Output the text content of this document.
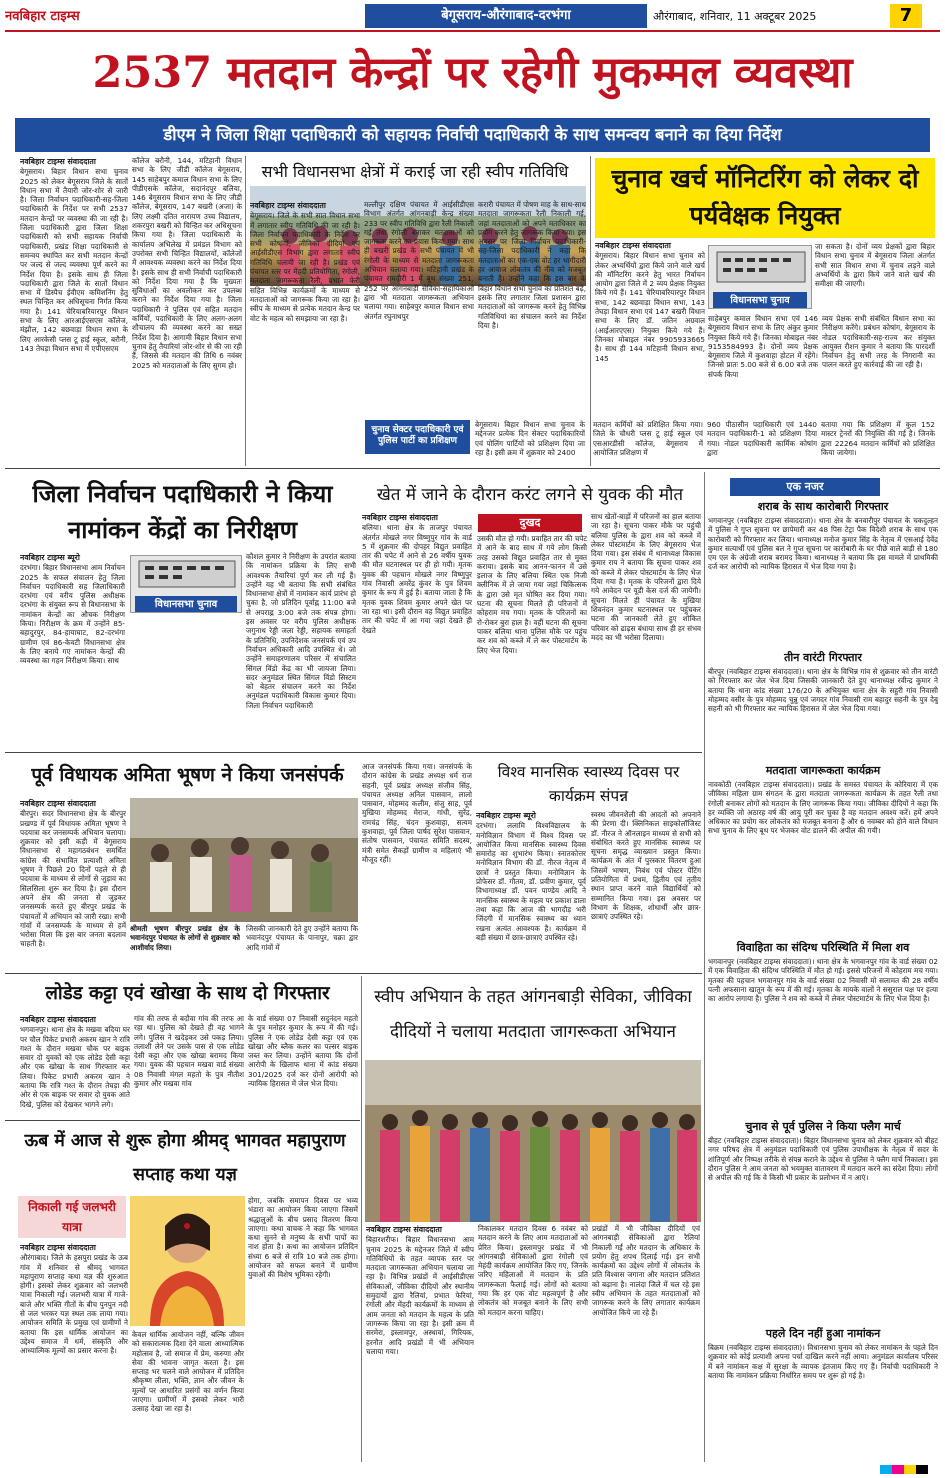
नवबिहार टाइम्स	बेगूसराय-औरंगाबाद-दरभंगा	औरंगाबाद, शनिवार, 11 अक्टूबर 2025	7
2537 मतदान केन्द्रों पर रहेगी मुकम्मल व्यवस्था
डीएम ने जिला शिक्षा पदाधिकारी को सहायक निर्वाची पदाधिकारी के साथ समन्वय बनाने का दिया निर्देश
नवबिहार टाइम्स संवाददाता

बेगूसराय। बिहार विधान सभा चुनाव 2025 को लेकर बेगूसराय जिले के सातों विधान सभा में तैयारी जोर-शोर से जारी है। जिला निर्वाचन पदाधिकारी-सह-जिला पदाधिकारी के निर्देश पर सभी 2537 मतदान केन्द्रों पर व्यवस्था की जा रही है। जिला पदाधिकारी द्वारा जिला शिक्षा पदाधिकारी को सभी सहायक निर्वाची पदाधिकारी, प्रखंड शिक्षा पदाधिकारी से समन्वय स्थापित कर सभी मतदान केन्द्रों पर जल्द से जल्द व्यवस्था पूर्ण करने का निर्देश दिया है। इसके साथ ही जिला पदाधिकारी द्वारा जिले के सातों विधान सभा में डिस्पैच ईवीएम कमिशनिंग हेतु स्थल चिन्हित कर अधिसूचना निर्गत किया गया है। 141 चेरियाबरियारपुर विधान सभा के लिए आरआईएसएस कॉलेज, मंझौल, 142 बछवाड़ा विधान सभा के लिए आरकेसी प्लस टू हाई स्कूल, बरौनी, 143 तेघड़ा विधान सभा में एपीएसएम

कॉलेज बरौनी, 144, मटिहानी विधान सभा के लिए जीडी कॉलेज बेगूसराय, 145 साहेबपुर कमाल विधान सभा के लिए पीडीएसके कॉलेज, सदानंदपुर बलिया, 146 बेगूसराय विधान सभा के लिए जीडी कॉलेज, बेगूसराय, 147 बखरी (अजा) के लिए लक्ष्मी दतित नारायण उच्च विद्यालय, शकरपुरा बखरी को चिन्हित कर अधिसूचना किया गया है। जिला पदाधिकारी के कार्यालय अभिलेख में प्रमंडल विभाग को उपरोक्त सभी चिन्हित विद्यालयों, कॉलेजों में आवश्यक व्यवस्था करने का निर्देश दिया है। इसके साथ ही सभी निर्वाची पदाधिकारी को निर्देश दिया गया है कि मुख्यतः सुविधाओं का अवलोकन कर उपलब्ध कराने का निर्देश दिया गया है। जिला पदाधिकारी ने पुलिस एवं सहित मतदान कर्मियों, पदाधिकारी के लिए अलग-अलग शौचालय की व्यवस्था करने का सख्त निर्देश दिया है। आगामी बिहार विधान सभा चुनाव हेतु तैयारियां जोर-शोर से की जा रही हैं, जिससे की मतदान की तिथि 6 नवंबर 2025 को मतदाताओं के लिए सुगम हो।

सभी विधानसभा क्षेत्रों में कराई जा रही स्वीप गतिविधि
नवबिहार टाइम्स संवाददाता

बेगूसराय। जिले के सभी सात विधान सभा में लगातार स्वीप गतिविधि की जा रही है। जिला निर्वाचन पदाधिकारी के निर्देश पर सभी कोषांगों, जीविका दीदियों एवं आईसीडीएस विभाग द्वारा लगातार स्वीप गतिविधि चलायी जा रही है। प्रखंड एवं पंचायत स्तर पर मेंहदी प्रतियोगिता, रंगोली, मतदाता जागरूकता रैली, प्रभात फेरी सहित विभिन्न कार्यक्रमों के माध्यम से मतदाताओं को जागरूक किया जा रहा है। स्वीप के माध्यम से प्रत्येक मतदान केन्द्र पर वोट के महत्व को समझाया जा रहा है।

मल्लीपुर दक्षिण पंचायत में आईसीडीएस विभाग अंतर्गत आंगनबाड़ी केन्द्र संख्या 233 पर स्वीप गतिविधि द्वारा रैली निकाली गई तथा रंगोली बनाकर मतदाताओं को जागरूक करने का प्रयास किया गया। साथ ही बखरी प्रखंड के सभी पंचायत में भी रंगोली के माध्यम से मतदाता जागरूकता अभियान चलाया गया। मटिहानी प्रखंड के पंचायत रामदीरी 1 में बूथ संख्या 251, 252 पर आंगनबाड़ी सेविका-सहायिकाओं द्वारा भी मतदाता जागरूकता अभियान चलाया गया। साहेबपुर कमाल विधान सभा अंतर्गत रघुनाथपुर

करारी पंचायत में पोषण माह के साथ-साथ मतदाता जागरूकता रैली निकाली गई, जहां मतदाताओं को अपने मताधिकार का प्रयोग करने हेतु जागरूक किया गया। इस अवसर पर जिला निर्वाचन पदाधिकारी-सह-जिला पदाधिकारी ने कहा कि मतदाताओं का एक-एक वोट हर भागीदारी हर आवाज लोकतंत्र की नींव को मजबूत बनाती है। उन्होंने कहा कि इस बार के बिहार विधान सभा चुनाव का प्रतिशत बढ़े, इसके लिए लगातार जिला प्रशासन द्वारा मतदाताओं को जागरूक करने हेतु विभिन्न गतिविधियां का संचालन करने का निर्देश दिया है।

चुनाव खर्च मॉनिटरिंग को लेकर दो पर्यवेक्षक नियुक्त
विधानसभा चुनाव
नवबिहार टाइम्स संवाददाता

बेगूसराय। बिहार विधान सभा चुनाव को लेकर अभ्यर्थियों द्वारा किये जाने वाले खर्च की मॉनिटरिंग करने हेतु भारत निर्वाचन आयोग द्वारा जिले में 2 व्यय प्रेक्षक नियुक्त किये गये हैं। 141 चेरियाबरियारपुर विधान सभा, 142 बछवाड़ा विधान सभा, 143 तेघड़ा विधान सभा एवं 147 बखरी विधान सभा के लिए डॉ. जतिन अग्रवाल (आईआरएएस) नियुक्त किये गये हैं। जिनका मोबाइल नंबर 9905933665 है। साथ ही 144 मटिहानी विधान सभा, 145

जा सकता है। दोनों व्यय प्रेक्षकों द्वारा बिहार विधान सभा चुनाव में बेगूसराय जिला अंतर्गत सभी सात विधान सभा में चुनाव लड़ने वाले अभ्यर्थियों के द्वारा किये जाने वाले खर्च की समीक्षा की जाएगी।

साहेबपुर कमाल विधान सभा एवं 146 बेगूसराय विधान सभा के लिए अंकुर कुमार नियुक्त किये गये हैं। जिनका मोबाइल नंबर 9153584993 है। दोनों व्यय प्रेक्षक बेगूसराय जिले में कुशवाहा होटल में रहेंगे। जिनसे प्रातः 5.00 बजे से 6.00 बजे तक संपर्क किया

व्यय प्रेक्षक सभी संबंधित विधान सभा का निरीक्षण करेंगे। प्रबंधन कोषांग, बेगूसराय के नोडल पदाधिकारी-सह-राज्य कर संयुक्त आयुक्त रौशन कुमार ने बताया कि पारदर्शी निर्वाचन हेतु सभी तरह के निगरानी का पालन करते हुए कार्रवाई की जा रही है।

चुनाव सेक्टर पदाधिकारी एवं पुलिस पार्टी का प्रशिक्षण
बेगूसराय। बिहार विधान सभा चुनाव के मद्देनजर प्रत्येक दिन सेक्टर पदाधिकारियों एवं पोलिंग पार्टियों को प्रशिक्षण दिया जा रहा है। इसी क्रम में शुक्रवार को 2400
मतदान कर्मियों को प्रशिक्षित किया गया। जिले के चौधरी प्लस टू हाई स्कूल एवं एसआरडीसी कॉलेज, बेगूसराय में आयोजित प्रशिक्षण में
960 पीठासीन पदाधिकारी एवं 1440 मतदान पदाधिकारी-1 को प्रशिक्षण दिया गया। नोडल पदाधिकारी कार्मिक कोषांग द्वारा
बताया गया कि प्रशिक्षण में कुल 152 मास्टर ट्रेनरों की नियुक्ति की गई है। जिनके द्वारा 22264 मतदान कर्मियों को प्रशिक्षित किया जायेगा।
जिला निर्वाचन पदाधिकारी ने किया नामांकन केंद्रों का निरीक्षण
विधानसभा चुनाव
नवबिहार टाइम्स ब्यूरो

दरभंगा। बिहार विधानसभा आम निर्वाचन 2025 के सफल संचालन हेतु जिला निर्वाचन पदाधिकारी सह जिलाधिकारी दरभंगा एवं वरीय पुलिस अधीक्षक दरभंगा के संयुक्त रूप से विधानसभा के नामांकन केन्द्रों का औचक निरीक्षण किया। निरीक्षण के क्रम में उन्होंने 85-बहादुरपुर, 84-हायाघाट, 82-दरभंगा ग्रामीण एवं 86-केवटी विधानसभा क्षेत्र के लिए बनाये गए नामांकन केन्द्रों की व्यवस्था का गहन निरीक्षण किया। साथ

कौशल कुमार ने निरीक्षण के उपरांत बताया कि नामांकन प्रक्रिया के लिए सभी आवश्यक तैयारियां पूर्ण कर ली गई हैं। उन्होंने यह भी बताया कि सभी संबंधित विधानसभा क्षेत्रों में नामांकन कार्य प्रारंभ हो चुका है, जो प्रतिदिन पूर्वाह्न 11:00 बजे से अपराह्न 3:00 बजे तक संपन्न होगा। इस अवसर पर वरीय पुलिस अधीक्षक जगुनाथ रेड्डी जला रेड्डी, सहायक समाहर्ता के प्रतिनिधि, उपनिदेशक जनसंपर्क एवं उप निर्वाचन अधिकारी आदि उपस्थित थे। जो उन्होंने समाहरणालय परिसर में संचालित सिंगल विंडो केंद्र का भी जायजा लिया। सदर अनुमंडल स्थित सिंगल विंडो सिस्टम को बेहतर संचालन करने का निर्देश अनुमंडल पदाधिकारी विकास कुमार दिया। जिला निर्वाचन पदाधिकारी

खेत में जाने के दौरान करंट लगने से युवक की मौत
दुखद
नवबिहार टाइम्स संवाददाता

बलिया। थाना क्षेत्र के ताजपुर पंचायत अंतर्गत मोखले नगर विष्णुपुर गांव के वार्ड 5 में शुक्रवार की दोपहर विद्युत प्रवाहित तार की चपेट में आने से 26 वर्षीय युवक की मौत घटनास्थल पर ही हो गयी। मृतक युवक की पहचान मोखले नगर विष्णुपुर गांव निवासी अमरेंद्र कुंवर के पुत्र शिवम कुमार के रूप में हुई है। बताया जाता है कि मृतक युवक शिवम कुमार अपने खेत पर जा रहा था। इसी दौरान वह विद्युत प्रवाहित तार की चपेट में आ गया जहां देखते ही देखते

उसकी मौत हो गयी। प्रवाहित तार की चपेट में आने के बाद साथ में गये लोग किसी तरह उसको विद्युत प्रवाहित तार से मुक्त कराया। इसके बाद आनन-फानन में उसे इलाज के लिए बलिया स्थित एक निजी क्लीनिक में ले जाया गया जहां चिकित्सक के द्वारा उसे मृत घोषित कर दिया गया। घटना की सूचना मिलते ही परिजनों में कोहराम मच गया। मृतक के परिजनों का रो-रोकर बुरा हाल है। वहीं घटना की सूचना पाकर बलिया थाना पुलिस मौके पर पहुंच कर शव को कब्जे में ले कर पोस्टमार्टम के लिए भेज दिया।

साथ खेतों-बाड़ों में परिजनों का हाल बताया जा रहा है। सूचना पाकर मौके पर पहुंची बलिया पुलिस के द्वारा शव को कब्जे में लेकर पोस्टमार्टम के लिए बेगूसराय भेज दिया गया। इस संबंध में थानाध्यक्ष विकास कुमार राय ने बताया कि सूचना पाकर शव को कब्जे में लेकर पोस्टमार्टम के लिए भेज दिया गया है। मृतक के परिजनों द्वारा दिये गये आवेदन पर यूडी केस दर्ज की जायेगी। सूचना मिलते ही पंचायत के मुखिया शिवनंदन कुमार घटनास्थल पर पहुंचकर घटना की जानकारी लेते हुए शोकित परिवार को ढाढ़स बंधाया साथ ही हर संभव मदद का भी भरोसा दिलाया।

एक नजर
शराब के साथ कारोबारी गिरफ्तार
भगवानपुर (नवबिहार टाइम्स संवाददाता)। थाना क्षेत्र के बनवारीपुर पंचायत के चकदुल्हन में पुलिस ने गुप्त सूचना पर छापेमारी कर 48 पिस टेट्रा पैक विदेशी शराब के साथ एक कारोबारी को गिरफ्तार कर लिया। थानाध्यक्ष मनोज कुमार सिंह के नेतृत्व में एसआई देवेंद्र कुमार सत्यार्थी एवं पुलिस बल ने गुप्त सूचना पर कारोबारी के घर पीछे वाले बाड़ी से 180 एम एल के अंग्रेजी शराब बरामद किया। थानाध्यक्ष ने बताया कि इस मामले में प्राथमिकी दर्ज कर आरोपी को न्यायिक हिरासत में भेज दिया गया है।
तीन वारंटी गिरफ्तार
बीरपुर (नवबिहार टाइम्स संवाददाता)। थाना क्षेत्र के विभिन्न गांव से शुक्रवार को तीन वारंटी को गिरफ्तार कर जेल भेज दिया जिसकी जानकारी देते हुए थानाध्यक्ष रवीन्द्र कुमार ने बताया कि थाना कांड संख्या 176/20 के अभियुक्त थाना क्षेत्र के सहुरी गांव निवासी मोहम्मद वसीर के पुत्र मोहम्मद चुन्नु एवं जगदर गांव निवासी राम बहादुर सहनी के पुत्र देबु सहनी को भी गिरफ्तार कर न्यायिक हिरासत में जेल भेज दिया गया।
मतदाता जागरूकता कार्यक्रम
नावकोठी (नवबिहार टाइम्स संवाददाता)। प्रखंड के समस्त पंचायत के कोरियारा में एक जीविका महिला ग्राम संगठन के द्वारा मतदाता जागरूकता कार्यक्रम के तहत रैली तथा रंगोली बनाकर लोगों को मतदान के लिए जागरूक किया गया। जीविका दीदियों ने कहा कि हर व्यक्ति जो अठारह वर्ष की आयु पूरी कर चुका है वह मतदान अवश्य करें। हमें अपने अधिकार का प्रयोग कर लोकतंत्र को मजबूत बनाना है और 6 नवम्बर को होने वाले विधान सभा चुनाव के लिए बूथ पर भेजकर वोट डालने की अपील की गयी।
विवाहिता का संदिग्ध परिस्थिति में मिला शव
भगवानपुर (नवबिहार टाइम्स संवाददाता)। थाना क्षेत्र के भगवानपुर गांव के वार्ड संख्या 02 में एक विवाहिता की संदिग्ध परिस्थिति में मौत हो गई। इससे परिजनों में कोहराम मच गया। मृतका की पहचान भगवानपुर गांव के वार्ड संख्या 02 निवासी मो सलामत की 28 वर्षीय पत्नी अफसाना खातून के रूप में की गई। मृतका के मायके वालों ने ससुराल पक्ष पर हत्या का आरोप लगाया है। पुलिस ने शव को कब्जे में लेकर पोस्टमार्टम के लिए भेज दिया है।
चुनाव से पूर्व पुलिस ने किया फ्लैग मार्च
बीहट (नवबिहार टाइम्स संवाददाता)। बिहार विधानसभा चुनाव को लेकर शुक्रवार को बीहट नगर परिषद क्षेत्र में अनुमंडल पदाधिकारी एवं पुलिस उपाधीक्षक के नेतृत्व में सदर के शांतिपूर्ण और निष्पक्ष तरीके से संपन्न कराने के उद्देश्य से पुलिस ने फ्लैग मार्च निकाला। इस दौरान पुलिस ने आम जनता को भयमुक्त वातावरण में मतदान करने का संदेश दिया। लोगों से अपील की गई कि वे किसी भी प्रकार के प्रलोभन में न आएं।
पहले दिन नहीं हुआ नामांकन
बिक्रम (नवबिहार टाइम्स संवाददाता)। विधानसभा चुनाव को लेकर नामांकन के पहले दिन शुक्रवार को कोई प्रत्याशी अपना पर्चा दाखिल करने नहीं आया। अनुमंडल कार्यालय परिसर में बने नामांकन कक्ष में सुरक्षा के व्यापक इंतजाम किए गए हैं। निर्वाची पदाधिकारी ने बताया कि नामांकन प्रक्रिया निर्धारित समय पर शुरू हो गई है।
पूर्व विधायक अमिता भूषण ने किया जनसंपर्क
श्रीमती भूषण बीरपुर प्रखंड क्षेत्र के भवानंदपुर पंचायत के लोगों से शुक्रवार को आशीर्वाद लिया।
जिसकी जानकारी देते हुए उन्होंने बताया कि भवानंदपुर पंचायत के पानापुर, चक्रा द्वार आदि गांवों में
नवबिहार टाइम्स संवाददाता

बीरपुर। सदर विधानसभा क्षेत्र के बीरपुर प्रखण्ड में पूर्व विधायक अमिता भूषण ने पदयात्रा कर जनसम्पर्क अभियान चलाया। शुक्रवार को इसी कड़ी में बेगूसराय विधानसभा से महागठबंधन समर्थित कांग्रेस की संभावित प्रत्याशी अमिता भूषण ने पिछले 20 दिनों पहले से ही पदयात्रा के माध्यम से लोगों से जुड़ाव का सिलसिला शुरू कर दिया है। इस दौरान अपने क्षेत्र की जनता से जुड़कर जनसम्पर्क करते हुए बीरपुर प्रखंड के पंचायतों में अभियान को जारी रखा। सभी गांवों में जनसम्पर्क के माध्यम से हमें भरोसा मिला कि इस बार जनता बदलाव चाहती है।

आज जनसंपर्क किया गया। जनसंपर्क के दौरान कांग्रेस के प्रखंड अध्यक्ष धर्म राज सहनी, पूर्व प्रखंड अध्यक्ष संजीव सिंह, पंचायत अध्यक्ष अनिल पासवान, लालो पासवान, मोहम्मद कलीम, संजु साह, पूर्व मुखिया मोहम्मद मेराज, गांधी, सुरेंद्र, रामचंद्र सिंह, चंदन कुशवाहा, सत्यम कुशवाहा, पूर्व जिला पार्षद सुरेश पासवान, संतोष पासवान, पंचायत समिति सदस्य, मंत्री समेत सैकड़ों ग्रामीण व महिलाएं भी मौजूद रहीं।

विश्व मानसिक स्वास्थ्य दिवस पर कार्यक्रम संपन्न
नवबिहार टाइम्स ब्यूरो

दरभंगा। ललामि विश्वविद्यालय के मनोविज्ञान विभाग में विश्व दिवस पर आयोजित किया मानसिक स्वास्थ्य दिवस समारोह का शुभारंभ किया। स्नातकोत्तर मनोविज्ञान विभाग की डॉ. नीरज नेतृत्व में छात्रों ने प्रस्तुत किया। मनोविज्ञान के प्रोफेसर डॉ. गौतम, डॉ. प्रवीण कुमार, पूर्व विभागाध्यक्ष डॉ. पवन पाण्डेय आदि ने मानसिक स्वास्थ्य के महत्व पर प्रकाश डाला तथा कहा कि आज की भागदौड़ भरी जिंदगी में मानसिक स्वास्थ्य का ध्यान रखना अत्यंत आवश्यक है। कार्यक्रम में बड़ी संख्या में छात्र-छात्राएं उपस्थित रहे।

स्वस्थ जीवनशैली की आदतों को अपनाने की प्रेरणा दी। क्लिनिकल साइकोलॉजिस्ट डॉ. नीरज ने ऑनलाइन माध्यम से सभी को संबोधित करते हुए मानसिक स्वास्थ्य पर सूचना समृद्ध व्याख्यान प्रस्तुत किया। कार्यक्रम के अंत में पुरस्कार वितरण हुआ जिसमें भाषण, निबंध एवं पोस्टर पेंटिंग प्रतियोगिता में प्रथम, द्वितीय एवं तृतीय स्थान प्राप्त करने वाले विद्यार्थियों को सम्मानित किया गया। इस अवसर पर विभाग के शिक्षक, शोधार्थी और छात्र-छात्राएं उपस्थित रहे।

लोडेड कट्टा एवं खोखा के साथ दो गिरफ्तार
नवबिहार टाइम्स संवाददाता

भगवानपुर। थाना क्षेत्र के मखवा बदिया घर पर चौल पिकेट प्रभारी अकरम खान ने रात्रि गश्त के दौरान मखवा चौक पर बाइक सवार दो युवकों को एक लोडेड देसी कट्टा और एक खोखा के साथ गिरफ्तार कर लिया। पिकेट प्रभारी अकरम खान ने बताया कि रात्रि गश्त के दौरान तेघड़ा की ओर से एक बाइक पर सवार दो युवक आते दिखे, पुलिस को देखकर भागने लगे।

गांव की तरफ से बदौवा गांव की तरफ आ रहा था। पुलिस को देखते ही वह भागने लगे। पुलिस ने खदेड़कर उसे पकड़ लिया। तलाशी लेने पर उसके पास से एक लोडेड देसी कट्टा और एक खोखा बरामद किया गया। युवक की पहचान मखवा वार्ड संख्या 08 निवासी मंगल महतो के पुत्र नीतीश कुमार और मखवा गांव

के वार्ड संख्या 07 निवासी सदुनंदन महतो के पुत्र मनोहर कुमार के रूप में की गई। पुलिस ने एक लोडेड देसी कट्टा एवं एक खोखा और ब्लैक कलर का पल्सर बाइक जब्त कर लिया। उन्होंने बताया कि दोनों आरोपी के खिलाफ थाना में कांड संख्या 301/2025 दर्ज कर दोनों आरोपी को न्यायिक हिरासत में जेल भेज दिया।

स्वीप अभियान के तहत आंगनबाड़ी सेविका, जीविका दीदियों ने चलाया मतदाता जागरूकता अभियान
नवबिहार टाइम्स संवाददाता

बिहारशरीफ। बिहार विधानसभा आम चुनाव 2025 के मद्देनजर जिले में स्वीप गतिविधियों के तहत व्यापक स्तर पर मतदाता जागरूकता अभियान चलाया जा रहा है। विभिन्न प्रखंडों में आईसीडीएस सेविकाओं, जीविका दीदियों और स्थानीय समुदायों द्वारा रैलियां, प्रभात फेरियां, रंगोली और मेंहदी कार्यक्रमों के माध्यम से आम जनता को मतदान के महत्व के प्रति जागरूक किया जा रहा है। इसी क्रम में सरमेरा, इस्लामपुर, अस्थावां, गिरियक, हरनौत आदि प्रखंडों में भी अभियान चलाया गया।

निकालकर मतदान दिवस 6 नवंबर को मतदान करने के लिए आम मतदाताओं को प्रेरित किया। इस्लामपुर प्रखंड में भी आंगनबाड़ी सेविकाओं द्वारा रंगोली एवं मेहंदी कार्यक्रम आयोजित किए गए, जिनके जरिए महिलाओं में मतदान के प्रति जागरूकता फैलाई गई। लोगों को बताया गया कि हर एक वोट महत्वपूर्ण है और लोकतंत्र को मजबूत बनाने के लिए सभी को मतदान करना चाहिए।

प्रखंडों में भी जीविका दीदियों एवं आंगनबाड़ी सेविकाओं द्वारा रैलियां निकाली गईं और मतदान के अधिकार के प्रयोग हेतु शपथ दिलाई गई। इन सभी कार्यक्रमों का उद्देश्य लोगों में लोकतंत्र के प्रति विश्वास जगाना और मतदान प्रतिशत को बढ़ाना है। नालंदा जिले में चल रहे इस स्वीप अभियान के तहत मतदाताओं को जागरूक करने के लिए लगातार कार्यक्रम आयोजित किये जा रहे हैं।

ऊब में आज से शुरू होगा श्रीमद् भागवत महापुराण सप्ताह कथा यज्ञ
निकाली गई जलभरी यात्रा
नवबिहार टाइम्स संवाददाता

औरंगाबाद। जिले के हसपुरा प्रखंड के ऊब गांव में शनिवार से श्रीमद् भागवत महापुराण सप्ताह कथा यज्ञ की शुरुआत होगी। इसको लेकर शुक्रवार को जलभरी यात्रा निकाली गई। जलभरी यात्रा में गाजे-बाजे और भक्ति गीतों के बीच पुनपुन नदी से जल भरकर यज्ञ स्थल तक लाया गया। आयोजन समिति के प्रमुख एवं ग्रामीणों ने बताया कि इस धार्मिक आयोजन का उद्देश्य समाज में धर्म, संस्कृति और आध्यात्मिक मूल्यों का प्रसार करना है।

केवल धार्मिक आयोजन नहीं, बल्कि जीवन को सकारात्मक दिशा देने वाला आध्यात्मिक महोत्सव है, जो समाज में प्रेम, करुणा और सेवा की भावना जागृत करता है। इस सप्ताह भर चलने वाले आयोजन में प्रतिदिन श्रीकृष्ण लीला, भक्ति, ज्ञान और जीवन के मूल्यों पर आधारित प्रसंगों का वर्णन किया जाएगा। ग्रामीणों में इसको लेकर भारी उत्साह देखा जा रहा है।

होगा, जबकि समापन दिवस पर भव्य भंडारा का आयोजन किया जाएगा जिसमें श्रद्धालुओं के बीच प्रसाद वितरण किया जाएगा। कथा वाचक ने कहा कि भागवत कथा सुनने से मनुष्य के सभी पापों का नाश होता है। कथा का आयोजन प्रतिदिन संध्या 6 बजे से रात्रि 10 बजे तक होगा। आयोजन को सफल बनाने में ग्रामीण युवाओं की विशेष भूमिका रहेगी।
